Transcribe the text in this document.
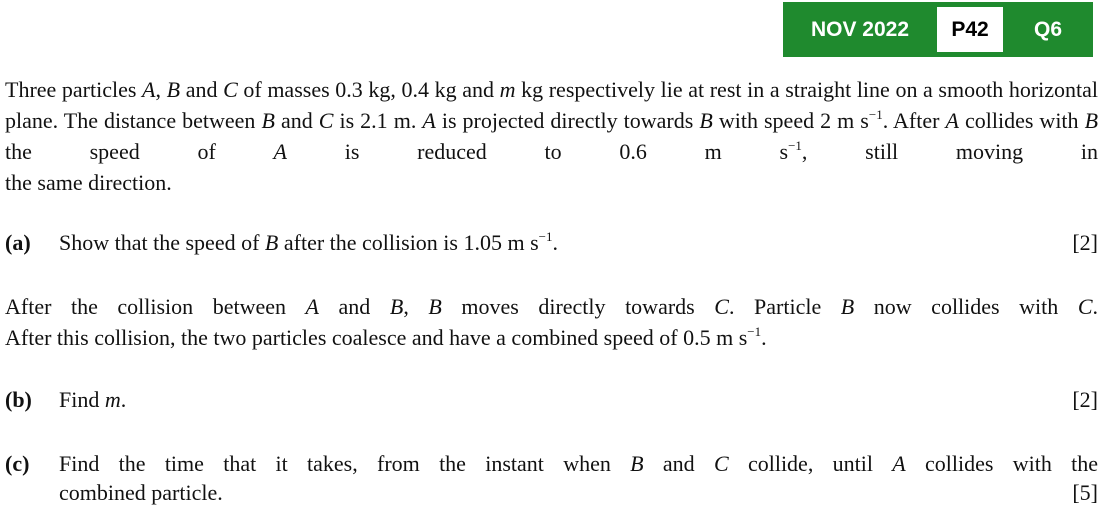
NOV 2022	P42	Q6
Three particles A, B and C of masses 0.3 kg, 0.4 kg and m kg respectively lie at rest in a straight line on a smooth horizontal plane. The distance between B and C is 2.1 m. A is projected directly towards B with speed 2 m $s^{-1}$. After A collides with B the speed of A is reduced to 0.6 m $s^{-1}$, still moving in
the same direction.
(a) Show that the speed of B after the collision is 1.05 m $s^{-1}$.	[2]
After the collision between A and B, B moves directly towards C. Particle B now collides with C.
After this collision, the two particles coalesce and have a combined speed of 0.5 m $s^{-1}$.
(b) Find m.	[2]
(c) Find the time that it takes, from the instant when B and C collide, until A collides with the
combined particle.	[5]
